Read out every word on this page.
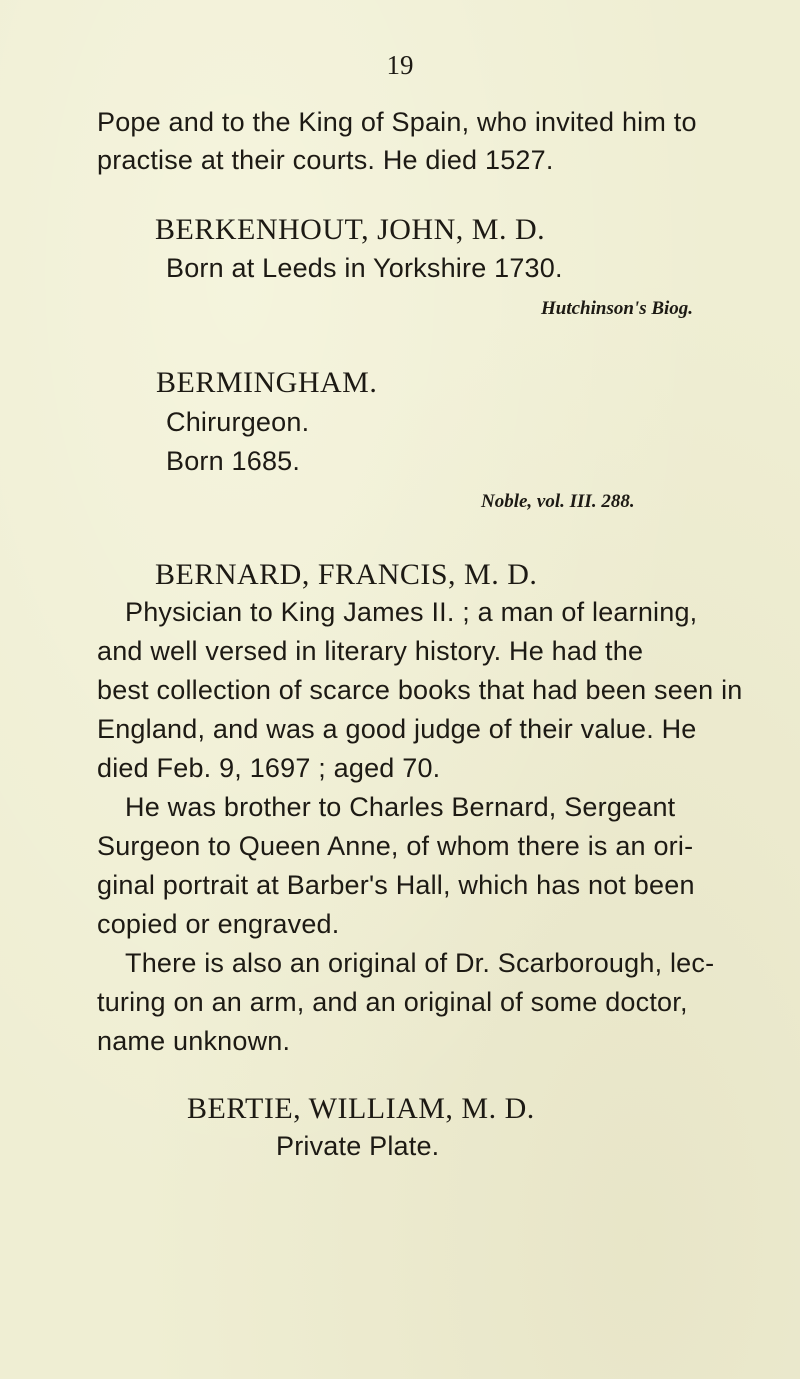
19
Pope and to the King of Spain, who invited him to
practise at their courts. He died 1527.
BERKENHOUT, JOHN, M. D.
Born at Leeds in Yorkshire 1730.
Hutchinson's Biog.
BERMINGHAM.
Chirurgeon.
Born 1685.
Noble, vol. III. 288.
BERNARD, FRANCIS, M. D.
Physician to King James II. ; a man of learning,
and well versed in literary history. He had the
best collection of scarce books that had been seen in
England, and was a good judge of their value. He
died Feb. 9, 1697 ; aged 70.
He was brother to Charles Bernard, Sergeant
Surgeon to Queen Anne, of whom there is an ori-
ginal portrait at Barber's Hall, which has not been
copied or engraved.
There is also an original of Dr. Scarborough, lec-
turing on an arm, and an original of some doctor,
name unknown.
BERTIE, WILLIAM, M. D.
Private Plate.
